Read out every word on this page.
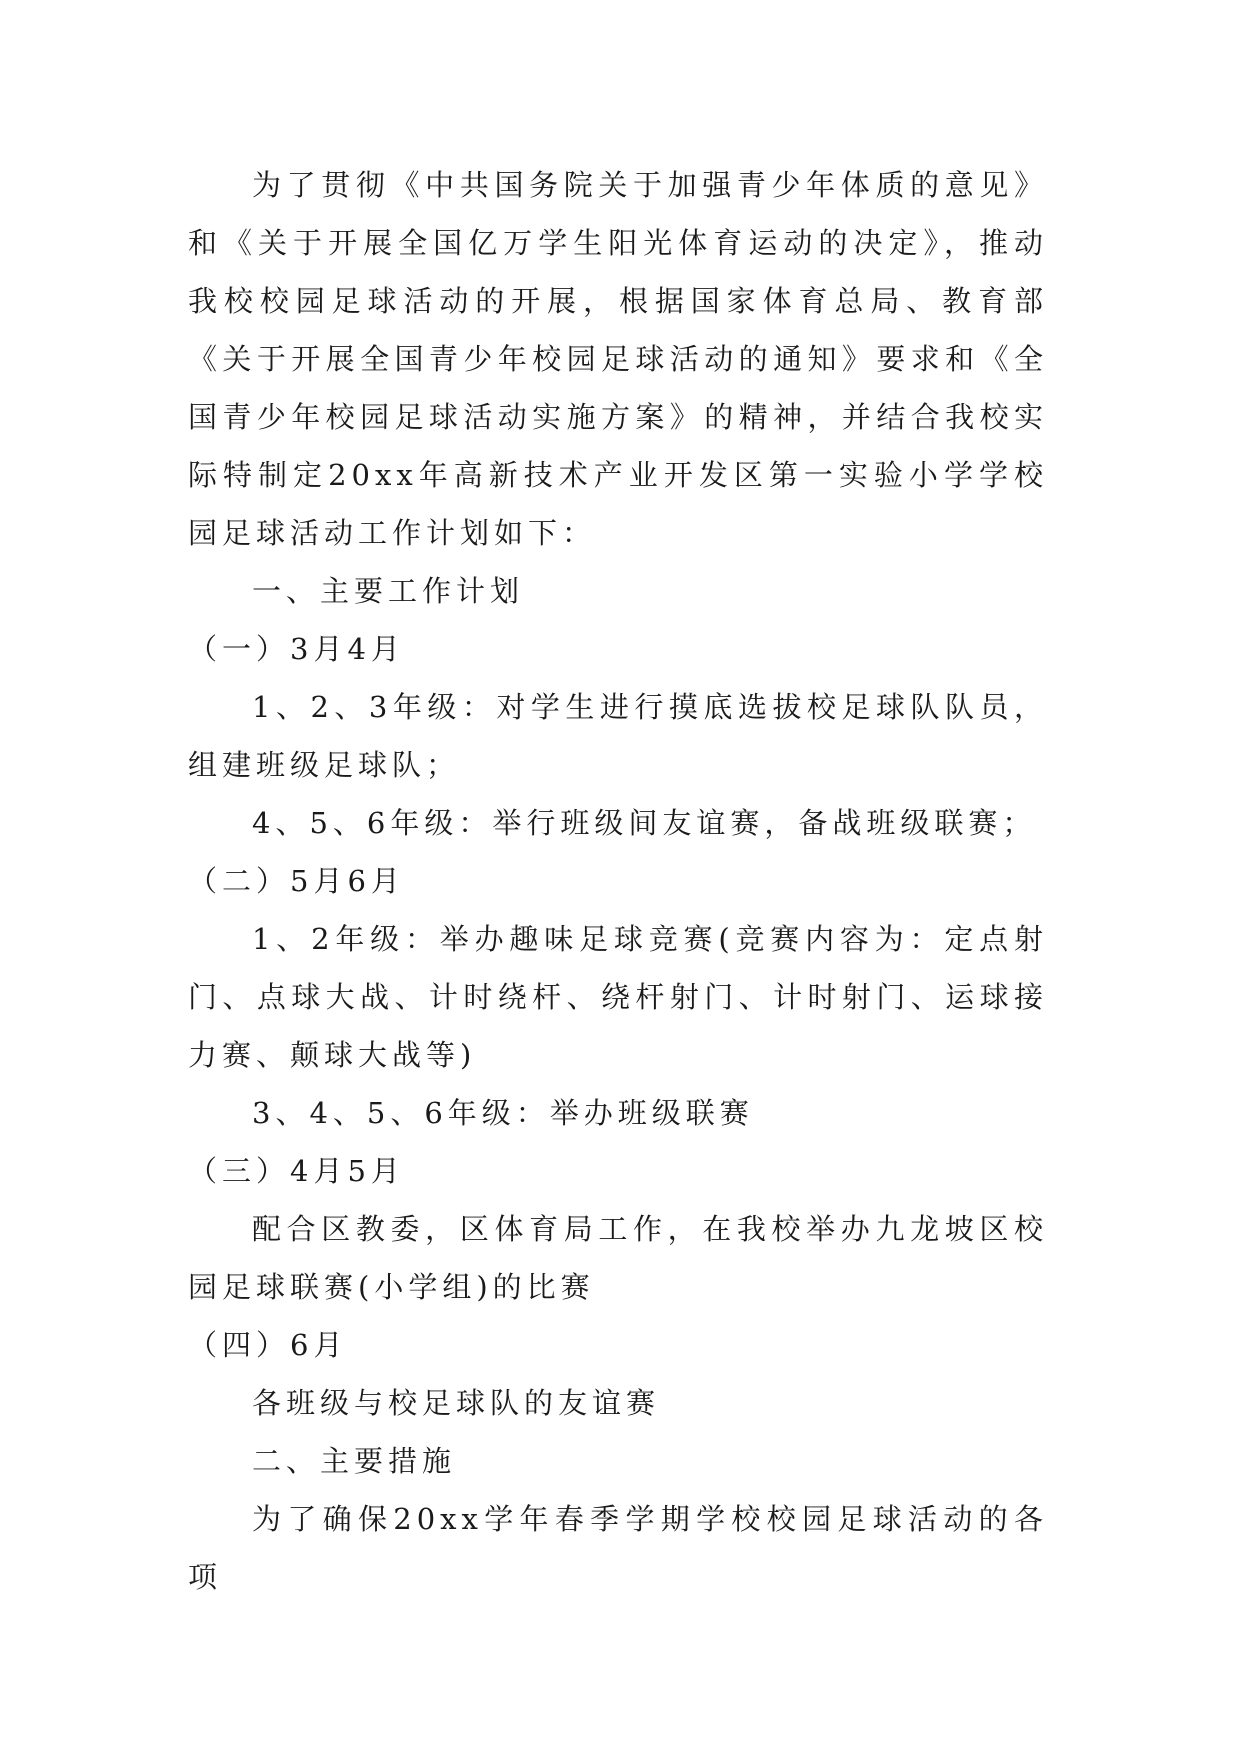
为了贯彻《中共国务院关于加强青少年体质的意见》和《关于开展全国亿万学生阳光体育运动的决定》，推动我校校园足球活动的开展，根据国家体育总局、教育部《关于开展全国青少年校园足球活动的通知》要求和《全国青少年校园足球活动实施方案》的精神，并结合我校实际特制定20xx年高新技术产业开发区第一实验小学学校园足球活动工作计划如下：

一、主要工作计划

（一）3月4月

1、2、3年级：对学生进行摸底选拔校足球队队员，组建班级足球队；

4、5、6年级：举行班级间友谊赛，备战班级联赛；

（二）5月6月

1、2年级：举办趣味足球竞赛(竞赛内容为：定点射门、点球大战、计时绕杆、绕杆射门、计时射门、运球接力赛、颠球大战等)

3、4、5、6年级：举办班级联赛

（三）4月5月

配合区教委，区体育局工作，在我校举办九龙坡区校园足球联赛(小学组)的比赛

（四）6月

各班级与校足球队的友谊赛

二、主要措施

为了确保20xx学年春季学期学校校园足球活动的各项
